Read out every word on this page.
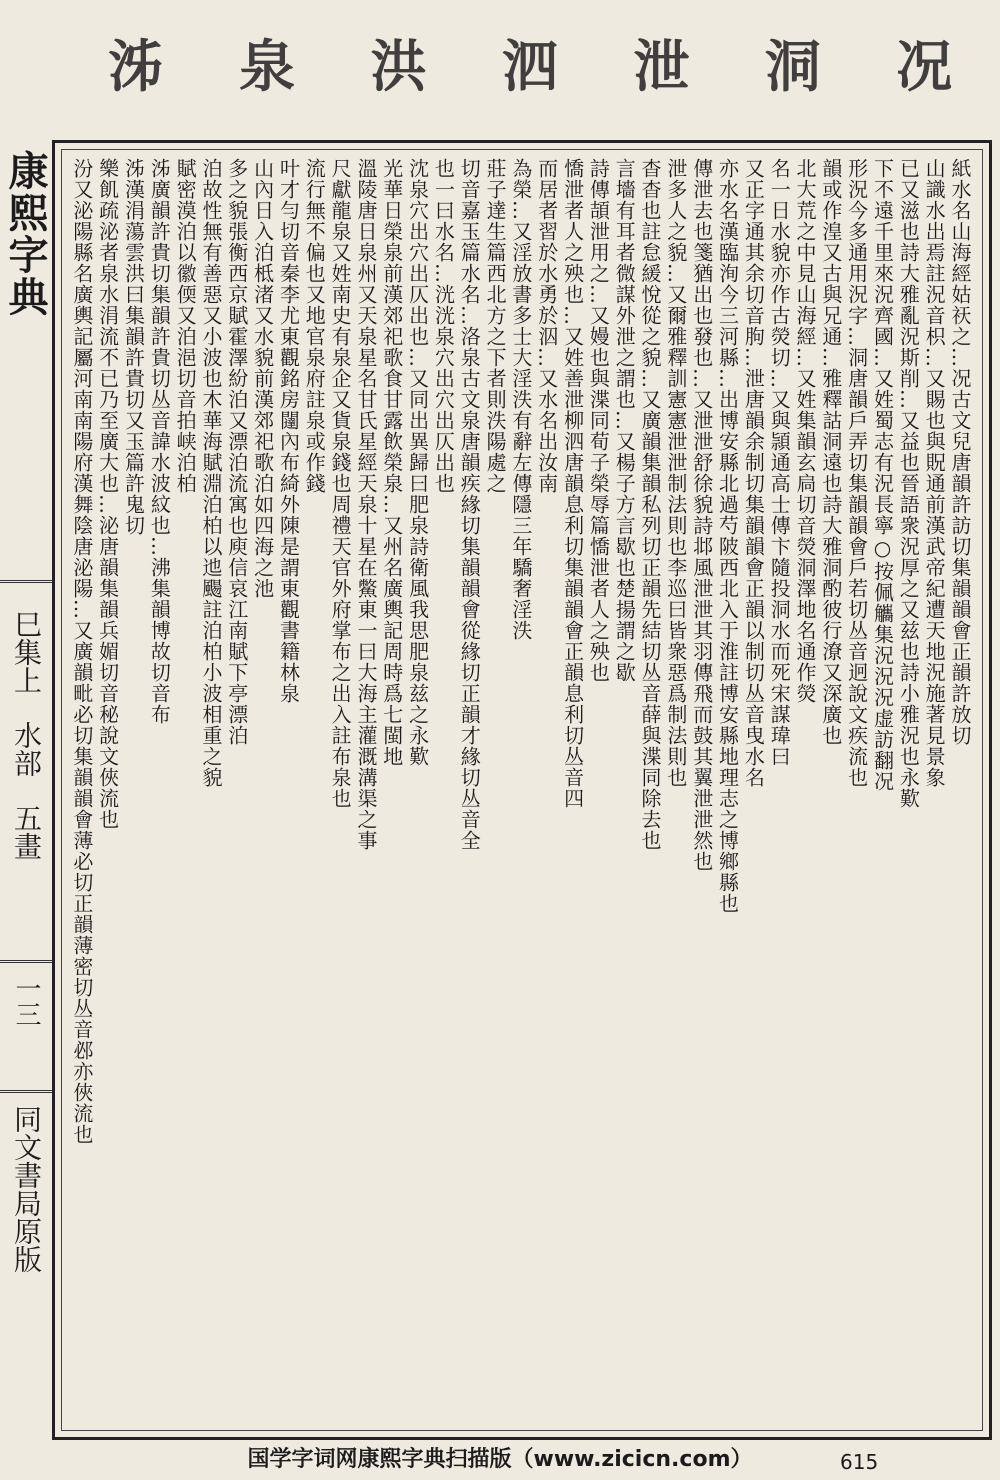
泲 泉 洪 泗 泄 洞 况
康熙字典
巳集上 水部 五畫
一三
同文書局原版
紙水名山海經姑祆之…况古文兒唐韻許訪切集韻韻會正韻許放切
山識水出焉註況音枳…又賜也與貺通前漢武帝紀遭天地況施著見景象
已又滋也詩大雅亂況斯削…又益也晉語衆況厚之又兹也詩小雅況也永歎
下不遠千里來況齊國…又姓蜀志有況長寧○按佩觿集況況況虚訪翻况
形況今多通用況字…洞唐韻戶弄切集韻韻會戶若切丛音迥說文疾流也
韻或作湟又古與兄通…雅釋詁洞遠也詩大雅洞酌彼行潦又深廣也
北大荒之中見山海經…又姓集韻玄扃切音熒洞澤地名通作熒
名一日水貌亦作古熒切…又與頴通高士傳卞隨投洞水而死宋謀瑋曰
又正字通其余切音朐…泄唐韻余制切集韻韻會正韻以制切丛音曳水名
亦水名漢臨洵今三河縣…出博安縣北過芍陂西北入于淮註博安縣地理志之博鄉縣也
傳泄去也箋猶出也發也…又泄泄舒徐貌詩邶風泄泄其羽傳飛而鼓其翼泄泄然也
泄多人之貌…又爾雅釋訓憲憲泄泄制法則也李巡曰皆衆惡爲制法則也
杳杳也註怠緩悅從之貌…又廣韻集韻私列切正韻先結切丛音薛與渫同除去也
言墻有耳者微謀外泄之謂也…又楊子方言歇也楚揚謂之歇
詩傳頡泄用之…又嫚也與渫同荀子榮辱篇憍泄者人之殃也
憍泄者人之殃也…又姓善泄柳泗唐韻息利切集韻韻會正韻息利切丛音四
而居者習於水勇於泅…又水名出汝南
為榮…又淫放書多士大淫泆有辭左傳隱三年驕奢淫泆
莊子達生篇西北方之下者則泆陽處之
切音嘉玉篇水名…洛泉古文泉唐韻疾緣切集韻韻會從緣切正韻才緣切丛音全
也一曰水名…洸洸泉穴出穴出仄出也
沈泉穴出穴出仄出也…又同出異歸曰肥泉詩衛風我思肥泉兹之永歎
光華日榮泉前漢郊祀歌食甘露飲榮泉…又州名廣輿記周時爲七閩地
溫陵唐日泉州又天泉星名甘氏星經天泉十星在鱉東一曰大海主灌溉溝渠之事
尺獻龍泉又姓南史有泉企又貨泉錢也周禮天官外府掌布之出入註布泉也
流行無不偏也又地官泉府註泉或作錢
叶才勻切音秦李尤東觀銘房闥內布綺外陳是謂東觀書籍林泉
山內日入泊柢渚又水貌前漢郊祀歌泊如四海之池
多之貌張衡西京賦霍澤紛泊又漂泊流寓也庾信哀江南賦下亭漂泊
泊故性無有善惡又小波也木華海賦淵泊柏以迆颺註泊柏小波相重之貌
賦密漠泊以徽偄又泊浥切音拍峡泊柏
泲廣韻許貴切集韻許貴切丛音諱水波紋也…沸集韻博故切音布
泲漢涓蕩雲洪曰集韻許貴切又玉篇許鬼切
樂飢疏泌者泉水涓流不已乃至廣大也…泌唐韻集韻兵媚切音秘說文俠流也
汾又泌陽縣名廣輿記屬河南南陽府漢舞陰唐泌陽…又廣韻毗必切集韻韻會薄必切正韻薄密切丛音邲亦俠流也
国学字词网康熙字典扫描版（www.zicicn.com）	615
